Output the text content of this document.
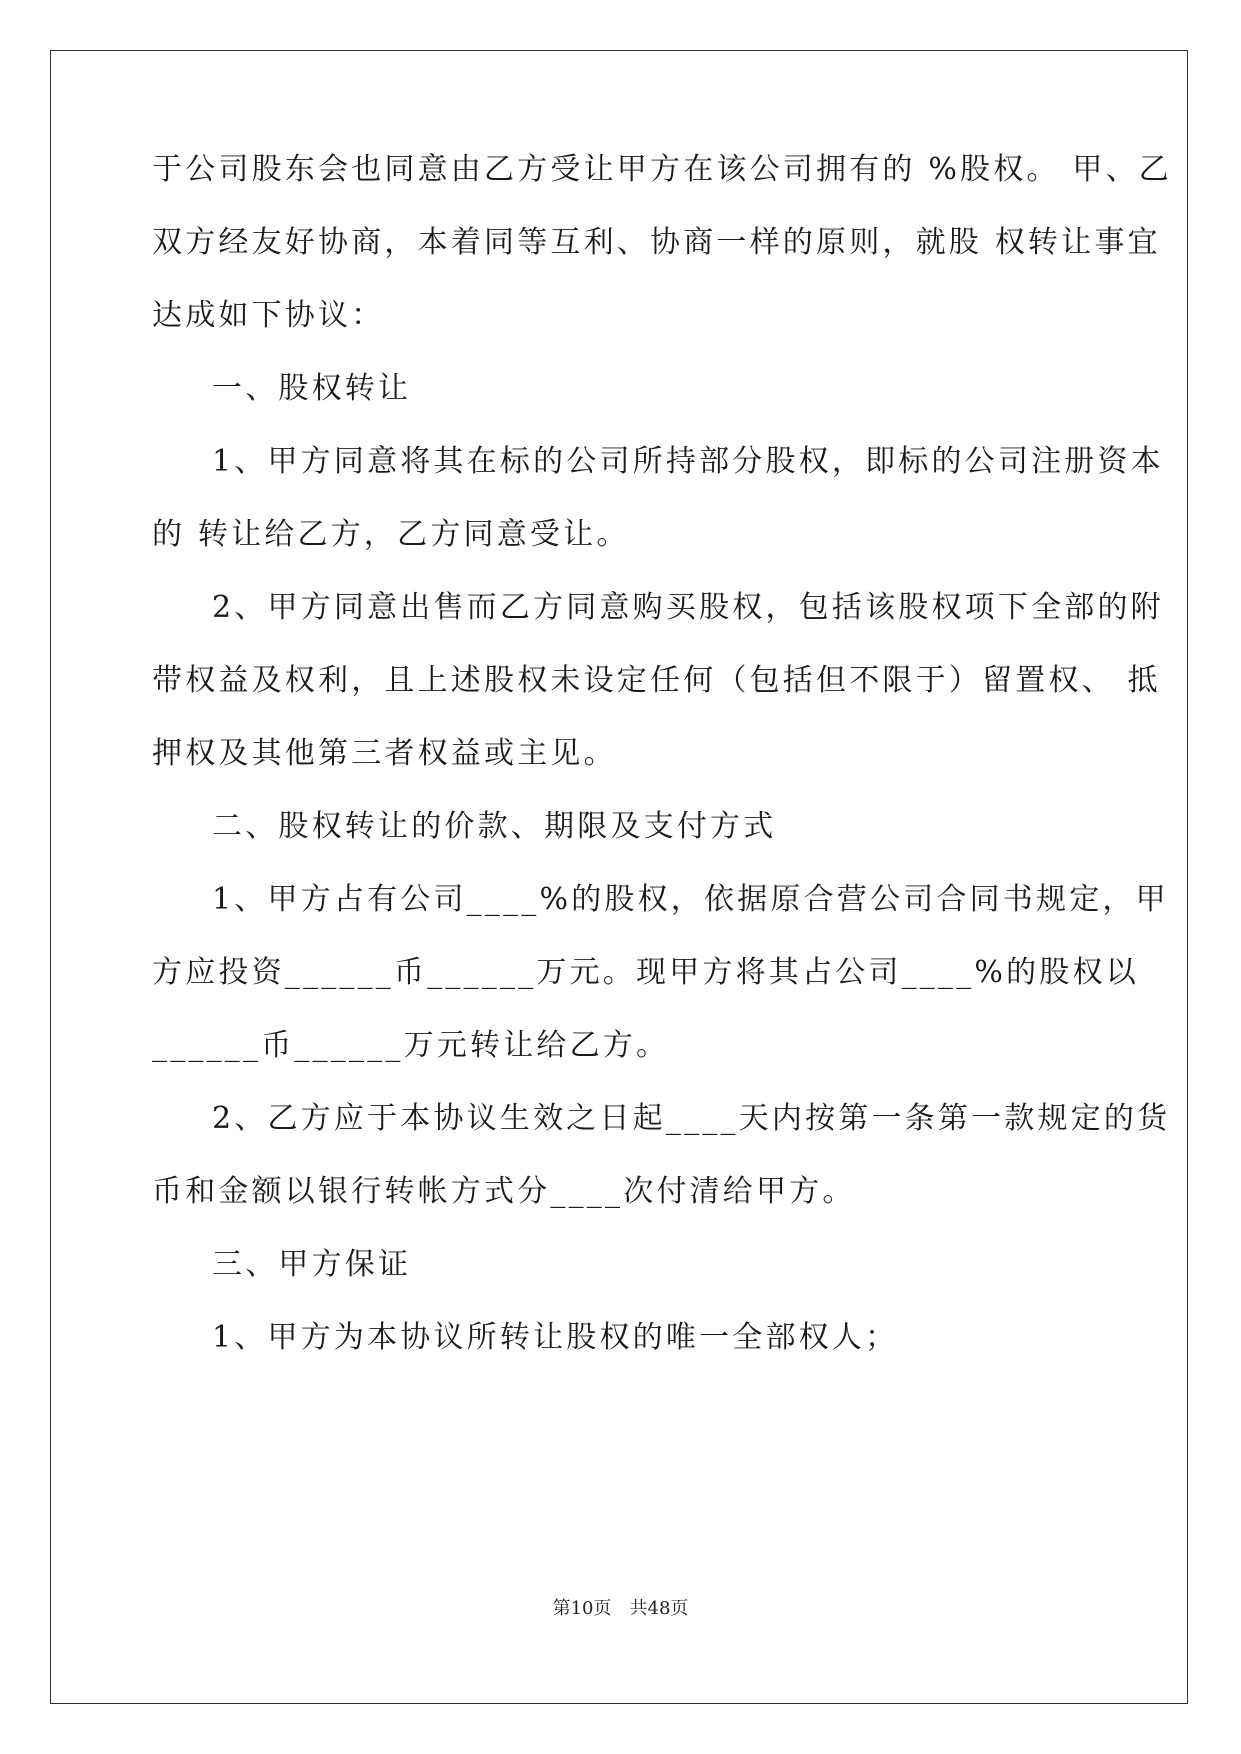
于公司股东会也同意由乙方受让甲方在该公司拥有的 %股权。 甲、乙
双方经友好协商，本着同等互利、协商一样的原则，就股 权转让事宜
达成如下协议：
一、股权转让
1、甲方同意将其在标的公司所持部分股权，即标的公司注册资本
的 转让给乙方，乙方同意受让。
2、甲方同意出售而乙方同意购买股权，包括该股权项下全部的附
带权益及权利，且上述股权未设定任何（包括但不限于）留置权、 抵
押权及其他第三者权益或主见。
二、股权转让的价款、期限及支付方式
1、甲方占有公司____%的股权，依据原合营公司合同书规定，甲
方应投资______币______万元。现甲方将其占公司____%的股权以
______币______万元转让给乙方。
2、乙方应于本协议生效之日起____天内按第一条第一款规定的货
币和金额以银行转帐方式分____次付清给甲方。
三、甲方保证
1、甲方为本协议所转让股权的唯一全部权人；
第10页 共48页
